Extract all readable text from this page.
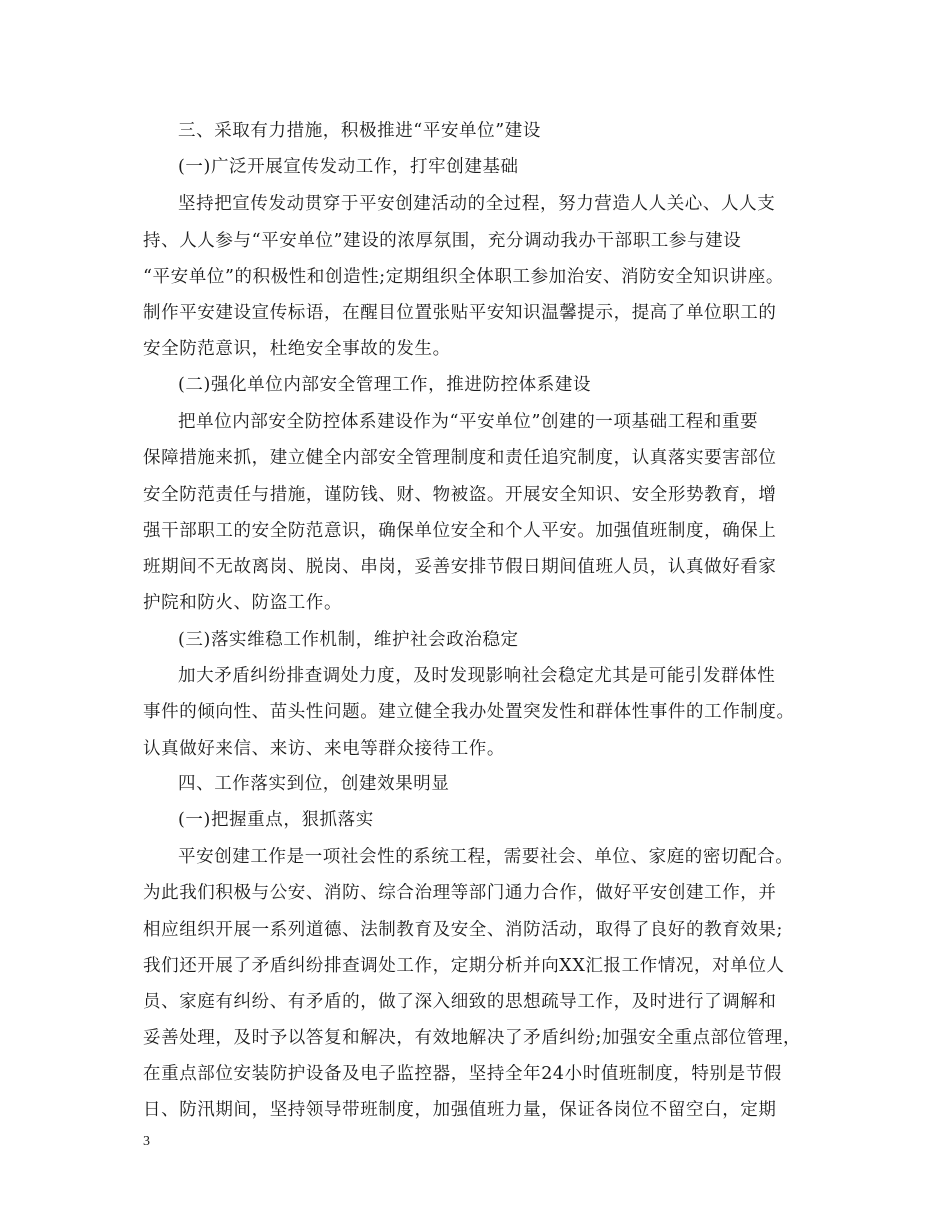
三、采取有力措施，积极推进“平安单位”建设
(一)广泛开展宣传发动工作，打牢创建基础
坚持把宣传发动贯穿于平安创建活动的全过程，努力营造人人关心、人人支
持、人人参与“平安单位”建设的浓厚氛围，充分调动我办干部职工参与建设
“平安单位”的积极性和创造性;定期组织全体职工参加治安、消防安全知识讲座。
制作平安建设宣传标语，在醒目位置张贴平安知识温馨提示，提高了单位职工的
安全防范意识，杜绝安全事故的发生。
(二)强化单位内部安全管理工作，推进防控体系建设
把单位内部安全防控体系建设作为“平安单位”创建的一项基础工程和重要
保障措施来抓，建立健全内部安全管理制度和责任追究制度，认真落实要害部位
安全防范责任与措施，谨防钱、财、物被盗。开展安全知识、安全形势教育，增
强干部职工的安全防范意识，确保单位安全和个人平安。加强值班制度，确保上
班期间不无故离岗、脱岗、串岗，妥善安排节假日期间值班人员，认真做好看家
护院和防火、防盗工作。
(三)落实维稳工作机制，维护社会政治稳定
加大矛盾纠纷排查调处力度，及时发现影响社会稳定尤其是可能引发群体性
事件的倾向性、苗头性问题。建立健全我办处置突发性和群体性事件的工作制度。
认真做好来信、来访、来电等群众接待工作。
四、工作落实到位，创建效果明显
(一)把握重点，狠抓落实
平安创建工作是一项社会性的系统工程，需要社会、单位、家庭的密切配合。
为此我们积极与公安、消防、综合治理等部门通力合作，做好平安创建工作，并
相应组织开展一系列道德、法制教育及安全、消防活动，取得了良好的教育效果;
我们还开展了矛盾纠纷排查调处工作，定期分析并向XX汇报工作情况，对单位人
员、家庭有纠纷、有矛盾的，做了深入细致的思想疏导工作，及时进行了调解和
妥善处理，及时予以答复和解决，有效地解决了矛盾纠纷;加强安全重点部位管理，
在重点部位安装防护设备及电子监控器，坚持全年24小时值班制度，特别是节假
日、防汛期间，坚持领导带班制度，加强值班力量，保证各岗位不留空白，定期
3
